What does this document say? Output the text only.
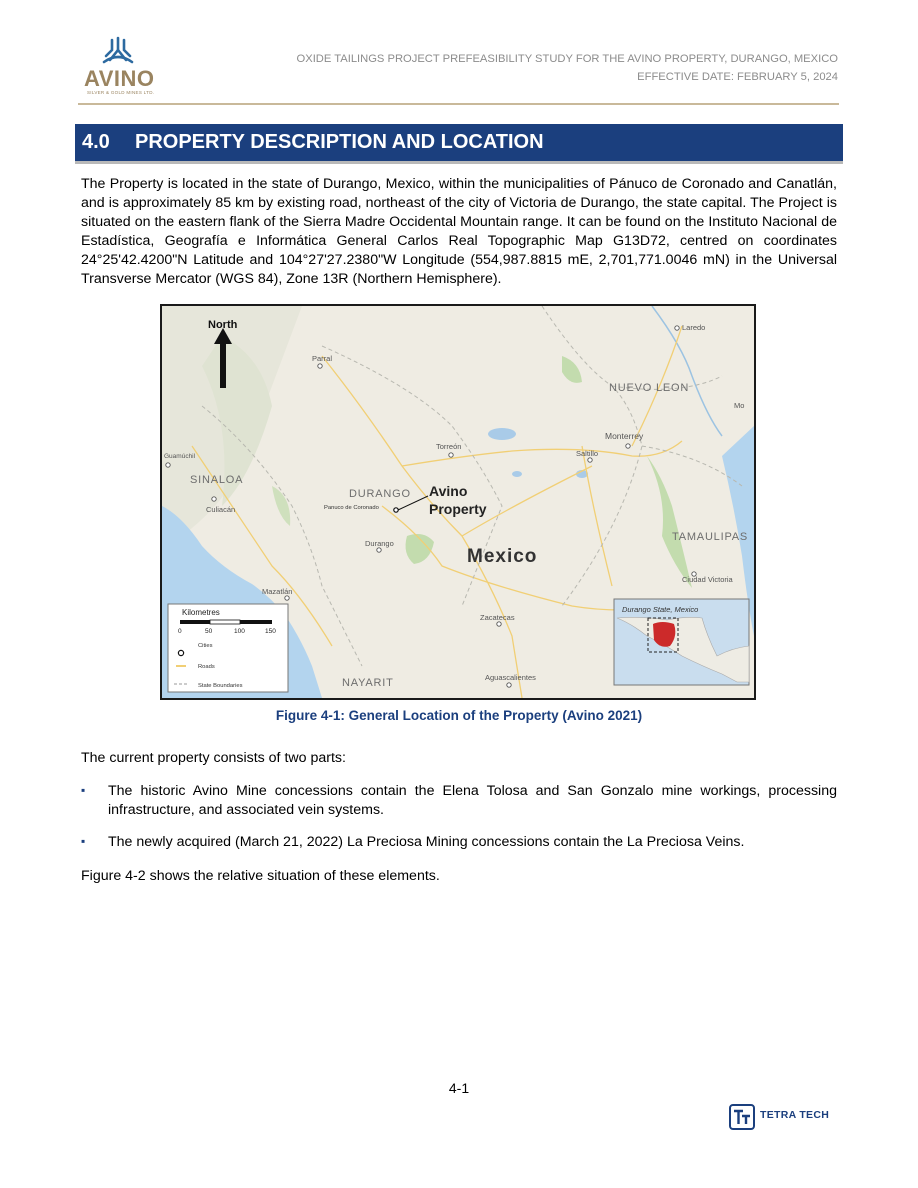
AVINO
SILVER & GOLD MINES LTD.
OXIDE TAILINGS PROJECT PREFEASIBILITY STUDY FOR THE AVINO PROPERTY, DURANGO, MEXICO
EFFECTIVE DATE: FEBRUARY 5, 2024
4.0 PROPERTY DESCRIPTION AND LOCATION
The Property is located in the state of Durango, Mexico, within the municipalities of Pánuco de Coronado and Canatlán, and is approximately 85 km by existing road, northeast of the city of Victoria de Durango, the state capital. The Project is situated on the eastern flank of the Sierra Madre Occidental Mountain range. It can be found on the Instituto Nacional de Estadística, Geografía e Informática General Carlos Real Topographic Map G13D72, centred on coordinates 24°25'42.4200"N Latitude and 104°27'27.2380"W Longitude (554,987.8815 mE, 2,701,771.0046 mN) in the Universal Transverse Mercator (WGS 84), Zone 13R (Northern Hemisphere).
North
SINALOA
DURANGO
NUEVO LEON
TAMAULIPAS
NAYARIT
Laredo
Parral
Torreón
Saltillo
Monterrey
Guamúchil
Culiacán	Panuco de Coronado
Durango
Mazatlán
Zacatecas
Aguascalientes
Ciudad Victoria
Mo
Avino
Property
Mexico
Kilometres
0	50	100	150
Cities
Roads
State Boundaries
Durango State, Mexico
Figure 4-1: General Location of the Property (Avino 2021)
The current property consists of two parts:
▪ The historic Avino Mine concessions contain the Elena Tolosa and San Gonzalo mine workings, processing infrastructure, and associated vein systems.
▪ The newly acquired (March 21, 2022) La Preciosa Mining concessions contain the La Preciosa Veins.
Figure 4-2 shows the relative situation of these elements.
4-1
TETRA TECH
